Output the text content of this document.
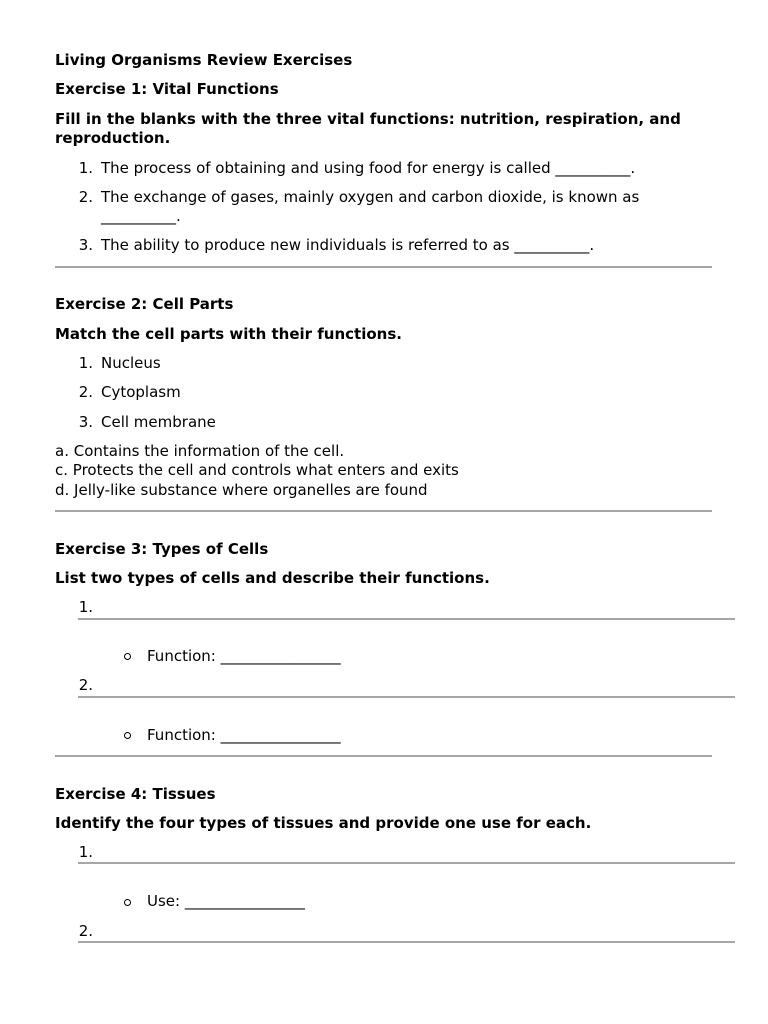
Living Organisms Review Exercises
Exercise 1: Vital Functions
Fill in the blanks with the three vital functions: nutrition, respiration, and
reproduction.
1. The process of obtaining and using food for energy is called __________.
2. The exchange of gases, mainly oxygen and carbon dioxide, is known as
__________.
3. The ability to produce new individuals is referred to as __________.
Exercise 2: Cell Parts
Match the cell parts with their functions.
1. Nucleus
2. Cytoplasm
3. Cell membrane
a. Contains the information of the cell.
c. Protects the cell and controls what enters and exits
d. Jelly-like substance where organelles are found
Exercise 3: Types of Cells
List two types of cells and describe their functions.
1.
Function: ________________
2.
Function: ________________
Exercise 4: Tissues
Identify the four types of tissues and provide one use for each.
1.
Use: ________________
2.
